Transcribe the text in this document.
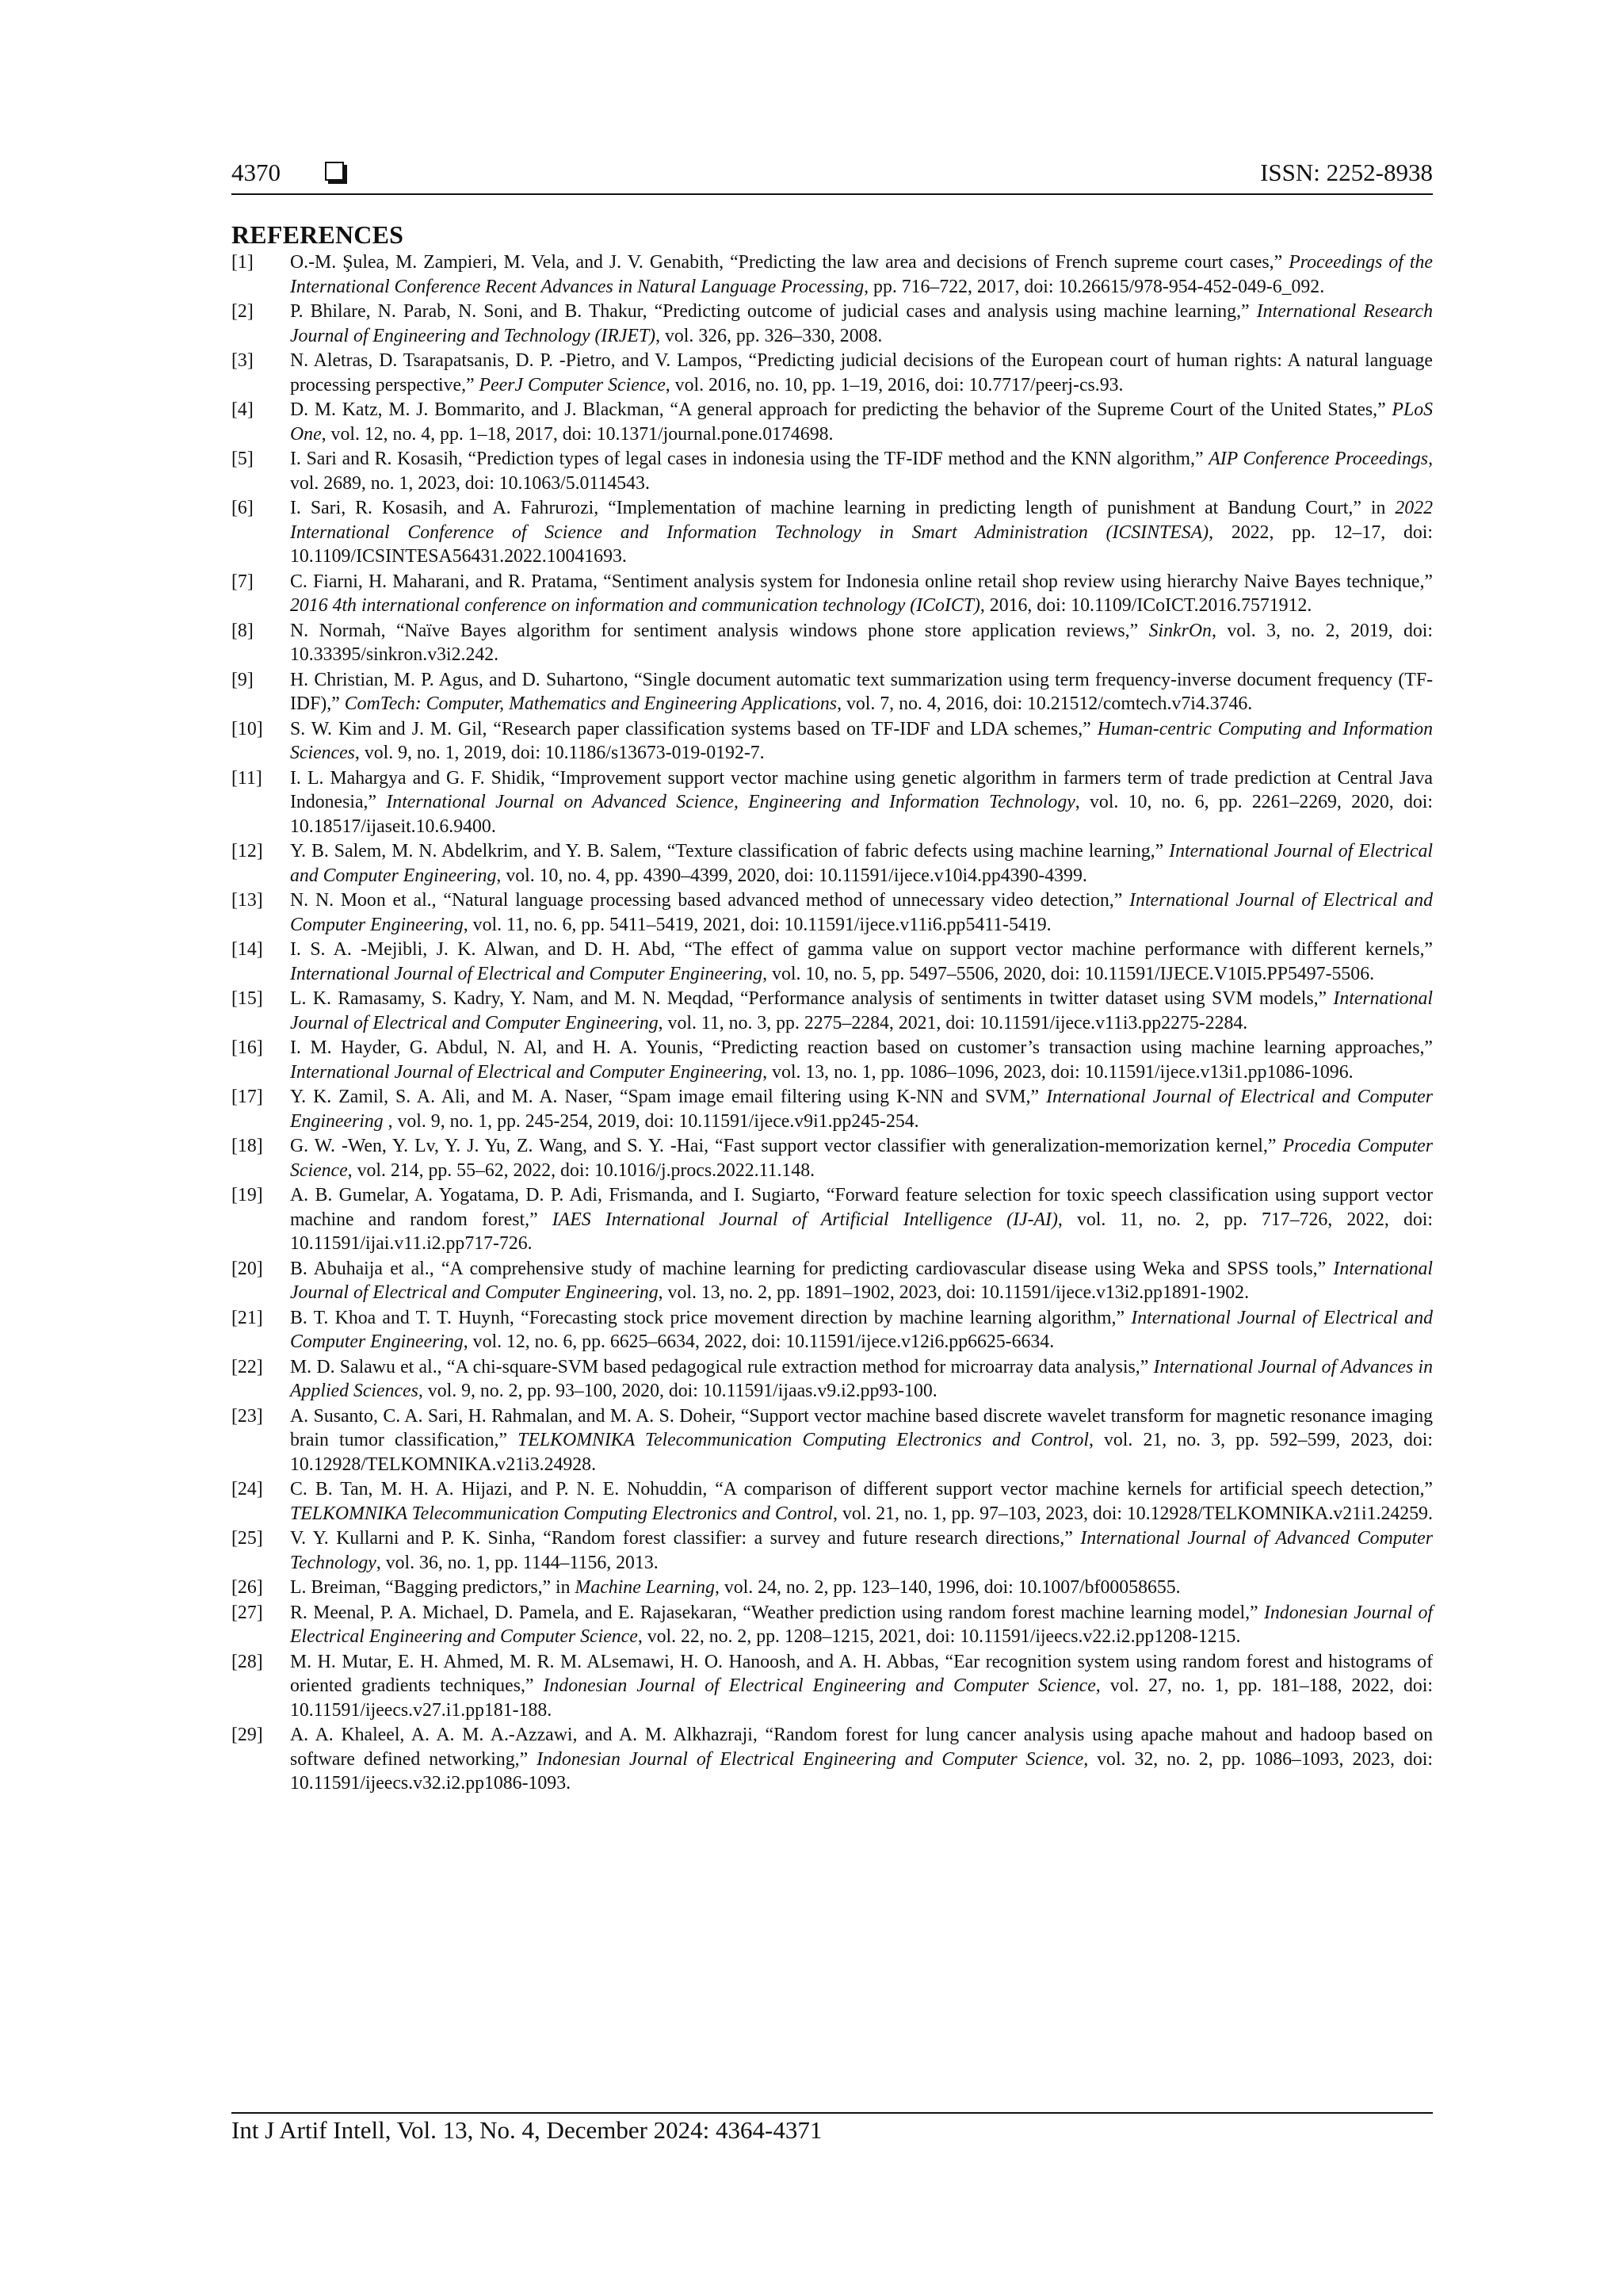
4370	ISSN: 2252-8938
REFERENCES
[1]	O.-M. Şulea, M. Zampieri, M. Vela, and J. V. Genabith, “Predicting the law area and decisions of French supreme court cases,” Proceedings of the International Conference Recent Advances in Natural Language Processing, pp. 716–722, 2017, doi: 10.26615/978-954-452-049-6_092.
[2]	P. Bhilare, N. Parab, N. Soni, and B. Thakur, “Predicting outcome of judicial cases and analysis using machine learning,” International Research Journal of Engineering and Technology (IRJET), vol. 326, pp. 326–330, 2008.
[3]	N. Aletras, D. Tsarapatsanis, D. P. -Pietro, and V. Lampos, “Predicting judicial decisions of the European court of human rights: A natural language processing perspective,” PeerJ Computer Science, vol. 2016, no. 10, pp. 1–19, 2016, doi: 10.7717/peerj-cs.93.
[4]	D. M. Katz, M. J. Bommarito, and J. Blackman, “A general approach for predicting the behavior of the Supreme Court of the United States,” PLoS One, vol. 12, no. 4, pp. 1–18, 2017, doi: 10.1371/journal.pone.0174698.
[5]	I. Sari and R. Kosasih, “Prediction types of legal cases in indonesia using the TF-IDF method and the KNN algorithm,” AIP Conference Proceedings, vol. 2689, no. 1, 2023, doi: 10.1063/5.0114543.
[6]	I. Sari, R. Kosasih, and A. Fahrurozi, “Implementation of machine learning in predicting length of punishment at Bandung Court,” in 2022 International Conference of Science and Information Technology in Smart Administration (ICSINTESA), 2022, pp. 12–17, doi: 10.1109/ICSINTESA56431.2022.10041693.
[7]	C. Fiarni, H. Maharani, and R. Pratama, “Sentiment analysis system for Indonesia online retail shop review using hierarchy Naive Bayes technique,” 2016 4th international conference on information and communication technology (ICoICT), 2016, doi: 10.1109/ICoICT.2016.7571912.
[8]	N. Normah, “Naïve Bayes algorithm for sentiment analysis windows phone store application reviews,” SinkrOn, vol. 3, no. 2, 2019, doi: 10.33395/sinkron.v3i2.242.
[9]	H. Christian, M. P. Agus, and D. Suhartono, “Single document automatic text summarization using term frequency-inverse document frequency (TF-IDF),” ComTech: Computer, Mathematics and Engineering Applications, vol. 7, no. 4, 2016, doi: 10.21512/comtech.v7i4.3746.
[10]	S. W. Kim and J. M. Gil, “Research paper classification systems based on TF-IDF and LDA schemes,” Human-centric Computing and Information Sciences, vol. 9, no. 1, 2019, doi: 10.1186/s13673-019-0192-7.
[11]	I. L. Mahargya and G. F. Shidik, “Improvement support vector machine using genetic algorithm in farmers term of trade prediction at Central Java Indonesia,” International Journal on Advanced Science, Engineering and Information Technology, vol. 10, no. 6, pp. 2261–2269, 2020, doi: 10.18517/ijaseit.10.6.9400.
[12]	Y. B. Salem, M. N. Abdelkrim, and Y. B. Salem, “Texture classification of fabric defects using machine learning,” International Journal of Electrical and Computer Engineering, vol. 10, no. 4, pp. 4390–4399, 2020, doi: 10.11591/ijece.v10i4.pp4390-4399.
[13]	N. N. Moon et al., “Natural language processing based advanced method of unnecessary video detection,” International Journal of Electrical and Computer Engineering, vol. 11, no. 6, pp. 5411–5419, 2021, doi: 10.11591/ijece.v11i6.pp5411-5419.
[14]	I. S. A. -Mejibli, J. K. Alwan, and D. H. Abd, “The effect of gamma value on support vector machine performance with different kernels,” International Journal of Electrical and Computer Engineering, vol. 10, no. 5, pp. 5497–5506, 2020, doi: 10.11591/IJECE.V10I5.PP5497-5506.
[15]	L. K. Ramasamy, S. Kadry, Y. Nam, and M. N. Meqdad, “Performance analysis of sentiments in twitter dataset using SVM models,” International Journal of Electrical and Computer Engineering, vol. 11, no. 3, pp. 2275–2284, 2021, doi: 10.11591/ijece.v11i3.pp2275-2284.
[16]	I. M. Hayder, G. Abdul, N. Al, and H. A. Younis, “Predicting reaction based on customer’s transaction using machine learning approaches,” International Journal of Electrical and Computer Engineering, vol. 13, no. 1, pp. 1086–1096, 2023, doi: 10.11591/ijece.v13i1.pp1086-1096.
[17]	Y. K. Zamil, S. A. Ali, and M. A. Naser, “Spam image email filtering using K-NN and SVM,” International Journal of Electrical and Computer Engineering , vol. 9, no. 1, pp. 245-254, 2019, doi: 10.11591/ijece.v9i1.pp245-254.
[18]	G. W. -Wen, Y. Lv, Y. J. Yu, Z. Wang, and S. Y. -Hai, “Fast support vector classifier with generalization-memorization kernel,” Procedia Computer Science, vol. 214, pp. 55–62, 2022, doi: 10.1016/j.procs.2022.11.148.
[19]	A. B. Gumelar, A. Yogatama, D. P. Adi, Frismanda, and I. Sugiarto, “Forward feature selection for toxic speech classification using support vector machine and random forest,” IAES International Journal of Artificial Intelligence (IJ-AI), vol. 11, no. 2, pp. 717–726, 2022, doi: 10.11591/ijai.v11.i2.pp717-726.
[20]	B. Abuhaija et al., “A comprehensive study of machine learning for predicting cardiovascular disease using Weka and SPSS tools,” International Journal of Electrical and Computer Engineering, vol. 13, no. 2, pp. 1891–1902, 2023, doi: 10.11591/ijece.v13i2.pp1891-1902.
[21]	B. T. Khoa and T. T. Huynh, “Forecasting stock price movement direction by machine learning algorithm,” International Journal of Electrical and Computer Engineering, vol. 12, no. 6, pp. 6625–6634, 2022, doi: 10.11591/ijece.v12i6.pp6625-6634.
[22]	M. D. Salawu et al., “A chi-square-SVM based pedagogical rule extraction method for microarray data analysis,” International Journal of Advances in Applied Sciences, vol. 9, no. 2, pp. 93–100, 2020, doi: 10.11591/ijaas.v9.i2.pp93-100.
[23]	A. Susanto, C. A. Sari, H. Rahmalan, and M. A. S. Doheir, “Support vector machine based discrete wavelet transform for magnetic resonance imaging brain tumor classification,” TELKOMNIKA Telecommunication Computing Electronics and Control, vol. 21, no. 3, pp. 592–599, 2023, doi: 10.12928/TELKOMNIKA.v21i3.24928.
[24]	C. B. Tan, M. H. A. Hijazi, and P. N. E. Nohuddin, “A comparison of different support vector machine kernels for artificial speech detection,” TELKOMNIKA Telecommunication Computing Electronics and Control, vol. 21, no. 1, pp. 97–103, 2023, doi: 10.12928/TELKOMNIKA.v21i1.24259.
[25]	V. Y. Kullarni and P. K. Sinha, “Random forest classifier: a survey and future research directions,” International Journal of Advanced Computer Technology, vol. 36, no. 1, pp. 1144–1156, 2013.
[26]	L. Breiman, “Bagging predictors,” in Machine Learning, vol. 24, no. 2, pp. 123–140, 1996, doi: 10.1007/bf00058655.
[27]	R. Meenal, P. A. Michael, D. Pamela, and E. Rajasekaran, “Weather prediction using random forest machine learning model,” Indonesian Journal of Electrical Engineering and Computer Science, vol. 22, no. 2, pp. 1208–1215, 2021, doi: 10.11591/ijeecs.v22.i2.pp1208-1215.
[28]	M. H. Mutar, E. H. Ahmed, M. R. M. ALsemawi, H. O. Hanoosh, and A. H. Abbas, “Ear recognition system using random forest and histograms of oriented gradients techniques,” Indonesian Journal of Electrical Engineering and Computer Science, vol. 27, no. 1, pp. 181–188, 2022, doi: 10.11591/ijeecs.v27.i1.pp181-188.
[29]	A. A. Khaleel, A. A. M. A.-Azzawi, and A. M. Alkhazraji, “Random forest for lung cancer analysis using apache mahout and hadoop based on software defined networking,” Indonesian Journal of Electrical Engineering and Computer Science, vol. 32, no. 2, pp. 1086–1093, 2023, doi: 10.11591/ijeecs.v32.i2.pp1086-1093.
Int J Artif Intell, Vol. 13, No. 4, December 2024: 4364-4371
